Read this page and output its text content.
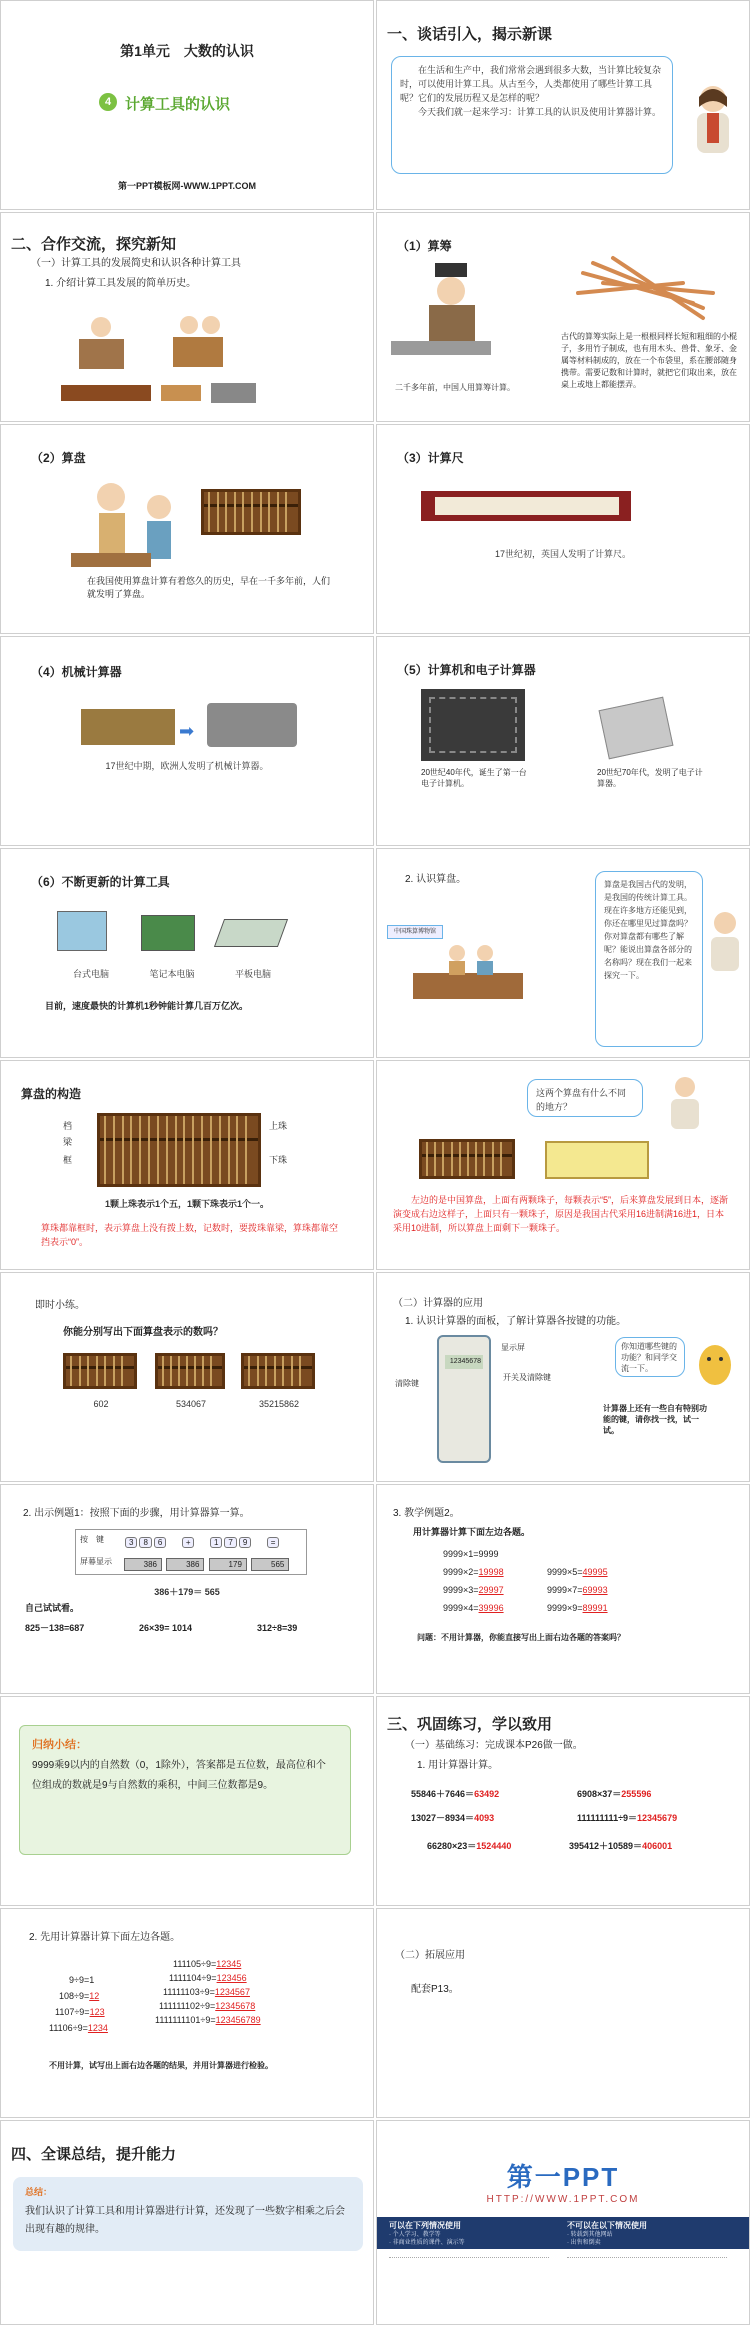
第1单元　大数的认识
4 计算工具的认识
第一PPT模板网-WWW.1PPT.COM
一、谈话引入，揭示新课
在生活和生产中，我们常常会遇到很多大数，当计算比较复杂时，可以使用计算工具。从古至今，人类都使用了哪些计算工具呢？它们的发展历程又是怎样的呢？
今天我们就一起来学习：计算工具的认识及使用计算器计算。
二、合作交流，探究新知
（一）计算工具的发展简史和认识各种计算工具
1. 介绍计算工具发展的简单历史。
（1）算筹
二千多年前，中国人用算筹计算。
古代的算筹实际上是一根根同样长短和粗细的小棍子，多用竹子制成，也有用木头、兽骨、象牙、金属等材料制成的，放在一个布袋里，系在腰部随身携带。需要记数和计算时，就把它们取出来，放在桌上或地上都能摆弄。
（2）算盘
在我国使用算盘计算有着悠久的历史，早在一千多年前，人们就发明了算盘。
（3）计算尺
17世纪初，英国人发明了计算尺。
（4）机械计算器
➡
17世纪中期，欧洲人发明了机械计算器。
（5）计算机和电子计算器
20世纪40年代，诞生了第一台电子计算机。
20世纪70年代，发明了电子计算器。
（6）不断更新的计算工具
台式电脑	笔记本电脑	平板电脑
目前，速度最快的计算机1秒钟能计算几百万亿次。
2. 认识算盘。
中国珠算博物馆
算盘是我国古代的发明，是我国的传统计算工具。现在许多地方还能见到，你还在哪里见过算盘吗？你对算盘都有哪些了解呢？能说出算盘各部分的名称吗？现在我们一起来探究一下。
算盘的构造
档
梁
框
上珠
下珠
1颗上珠表示1个五，1颗下珠表示1个一。
算珠都靠框时，表示算盘上没有拨上数，记数时，要拨珠靠梁，算珠都靠空挡表示“0”。
这两个算盘有什么不同的地方？
左边的是中国算盘，上面有两颗珠子，每颗表示“5”，后来算盘发展到日本，逐渐演变成右边这样子，上面只有一颗珠子，原因是我国古代采用16进制满16进1，日本采用10进制，所以算盘上面剩下一颗珠子。
即时小练。
你能分别写出下面算盘表示的数吗？
602	534067	35215862
（二）计算器的应用
1. 认识计算器的面板，了解计算器各按键的功能。
12345678
显示屏
开关及清除键
清除键
你知道哪些键的功能？和同学交流一下。
计算器上还有一些自有特别功能的键，请你找一找，试一试。
2. 出示例题1：按照下面的步骤，用计算器算一算。
按　键
屏幕显示
3 8 6	+	1 7 9	=
386	386	179	565
386＋179＝ 565
自己试试看。
825－138=687	26×39= 1014	312÷8=39
3. 教学例题2。
用计算器计算下面左边各题。
9999×1=9999
9999×2=19998	9999×5=49995
9999×3=29997	9999×7=69993
9999×4=39996	9999×9=89991
问题：不用计算器，你能直接写出上面右边各题的答案吗？
归纳小结：
9999乘9以内的自然数（0，1除外），答案都是五位数，最高位和个位组成的数就是9与自然数的乘积，中间三位数都是9。
三、巩固练习，学以致用
（一）基础练习：完成课本P26做一做。
1. 用计算器计算。
55846＋7646＝63492	6908×37＝255596
13027－8934＝4093	111111111÷9＝12345679
66280×23＝1524440	395412＋10589＝406001
2. 先用计算器计算下面左边各题。
9÷9=1
108÷9=12
1107÷9=123
11106÷9=1234
111105÷9=12345
1111104÷9=123456
11111103÷9=1234567
111111102÷9=12345678
1111111101÷9=123456789
不用计算，试写出上面右边各题的结果，并用计算器进行检验。
（二）拓展应用
配套P13。
四、全课总结，提升能力
总结：
我们认识了计算工具和用计算器进行计算，还发现了一些数字相乘之后会出现有趣的规律。
第一PPT
HTTP://WWW.1PPT.COM
可以在下列情况使用
· 个人学习、教学等
· 非商业性质的课件、演示等
不可以在以下情况使用
· 转载到其他网站
· 出售和倒卖
